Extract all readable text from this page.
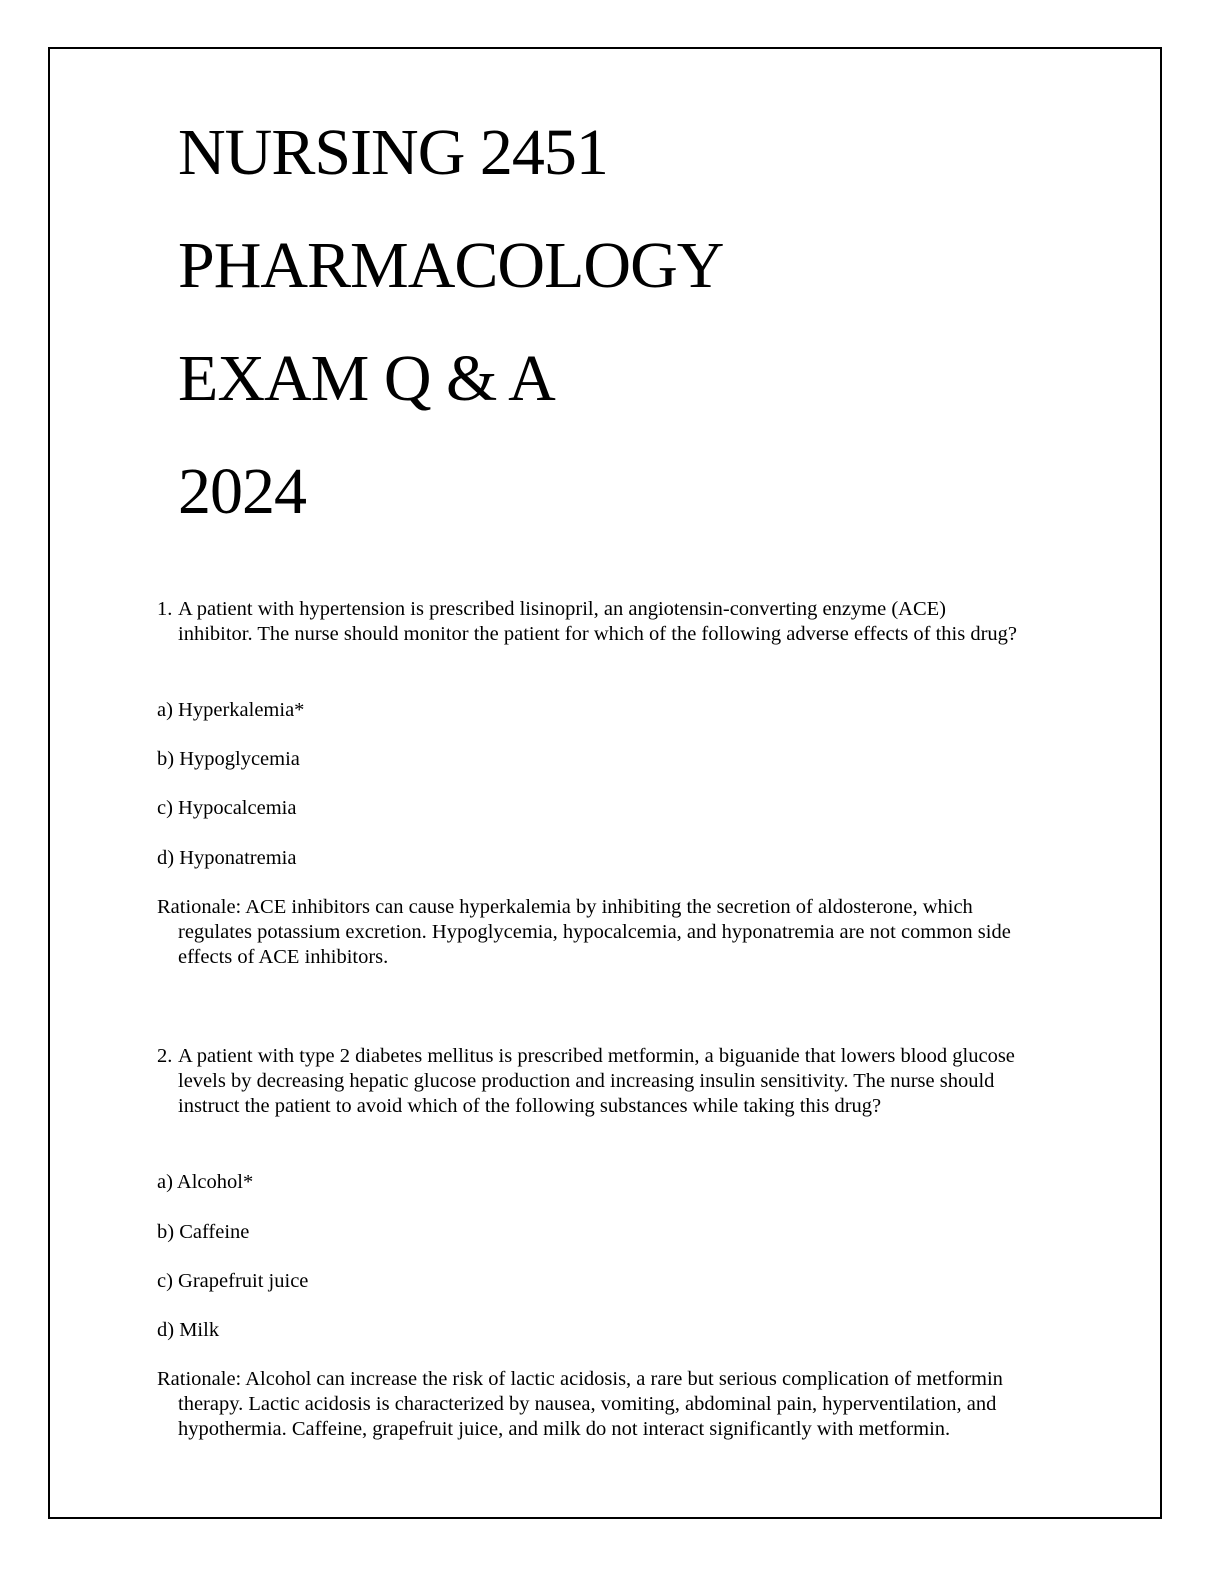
NURSING 2451
PHARMACOLOGY
EXAM Q & A
2024
1. A patient with hypertension is prescribed lisinopril, an angiotensin-converting enzyme (ACE) inhibitor. The nurse should monitor the patient for which of the following adverse effects of this drug?
a) Hyperkalemia*
b) Hypoglycemia
c) Hypocalcemia
d) Hyponatremia
Rationale: ACE inhibitors can cause hyperkalemia by inhibiting the secretion of aldosterone, which regulates potassium excretion. Hypoglycemia, hypocalcemia, and hyponatremia are not common side effects of ACE inhibitors.
2. A patient with type 2 diabetes mellitus is prescribed metformin, a biguanide that lowers blood glucose levels by decreasing hepatic glucose production and increasing insulin sensitivity. The nurse should instruct the patient to avoid which of the following substances while taking this drug?
a) Alcohol*
b) Caffeine
c) Grapefruit juice
d) Milk
Rationale: Alcohol can increase the risk of lactic acidosis, a rare but serious complication of metformin therapy. Lactic acidosis is characterized by nausea, vomiting, abdominal pain, hyperventilation, and hypothermia. Caffeine, grapefruit juice, and milk do not interact significantly with metformin.
